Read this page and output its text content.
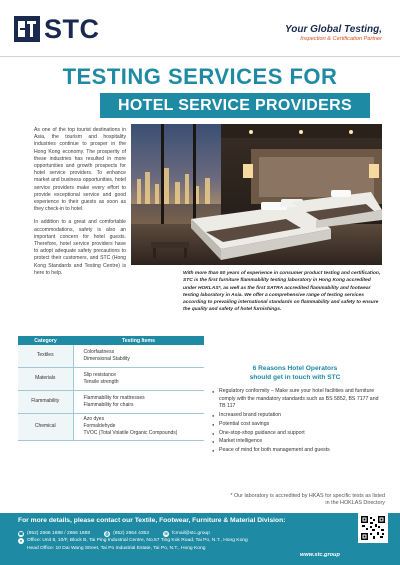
STC	Your Global Testing,
Inspection & Certification Partner
TESTING SERVICES FOR
HOTEL SERVICE PROVIDERS

As one of the top tourist destinations in Asia, the tourism and hospitality industries continue to prosper in the Hong Kong economy. The prosperity of these industries has resulted in more opportunities and growth prospects for hotel service providers. To enhance market and business opportunities, hotel service providers make every effort to provide exceptional service and good experience to their guests as soon as they check-in to hotel.

In addition to a great and comfortable accommodations, safety is also an important concern for hotel guests. Therefore, hotel service providers have to adopt adequate safety precautions to protect their customers, and STC (Hong Kong Standards and Testing Centre) is here to help.	With more than 50 years of experience in consumer product testing and certification, STC is the first furniture flammability testing laboratory in Hong Kong accredited under HOKLAS*, as well as the first SATRA accredited flammability and footwear testing laboratory in Asia. We offer a comprehensive range of testing services according to prevailing international standards on flammability and safety to ensure the quality and safety of hotel furnishings.
Category	Testing Items
Textiles	Colorfastness
Dimensional Stability

Materials	Slip resistance
Tensile strength

Flammability	Flammability for mattresses
Flammability for chairs

Chemical	Azo dyes
Formaldehyde
TVOC (Total Volatile Organic Compounds)
6 Reasons Hotel Operators
should get in touch with STC
● Regulatory conformity – Make sure your hotel facilities and furniture comply with the mandatory standards such as BS 5852, BS 7177 and TB 117
● Increased brand reputation
● Potential cost savings
● One-stop-shop guidance and support
● Market intelligence
● Peace of mind for both management and guests
* Our laboratory is accredited by HKAS for specific tests as listed in the HOKLAS Directory
For more details, please contact our Textile, Footwear, Furniture & Material Division:
☎ (852) 2666 1888 / 2666 1888	⎙ (852) 2664 4353	✉ fcmail@stc.group
● Office: Unit 8, 10/F, Block B, Tai Ping Industrial Centre, No.57 Ting Kok Road, Tai Po, N.T., Hong Kong
Head Office: 10 Dai Wang Street, Tai Po Industrial Estate, Tai Po, N.T., Hong Kong
www.stc.group
